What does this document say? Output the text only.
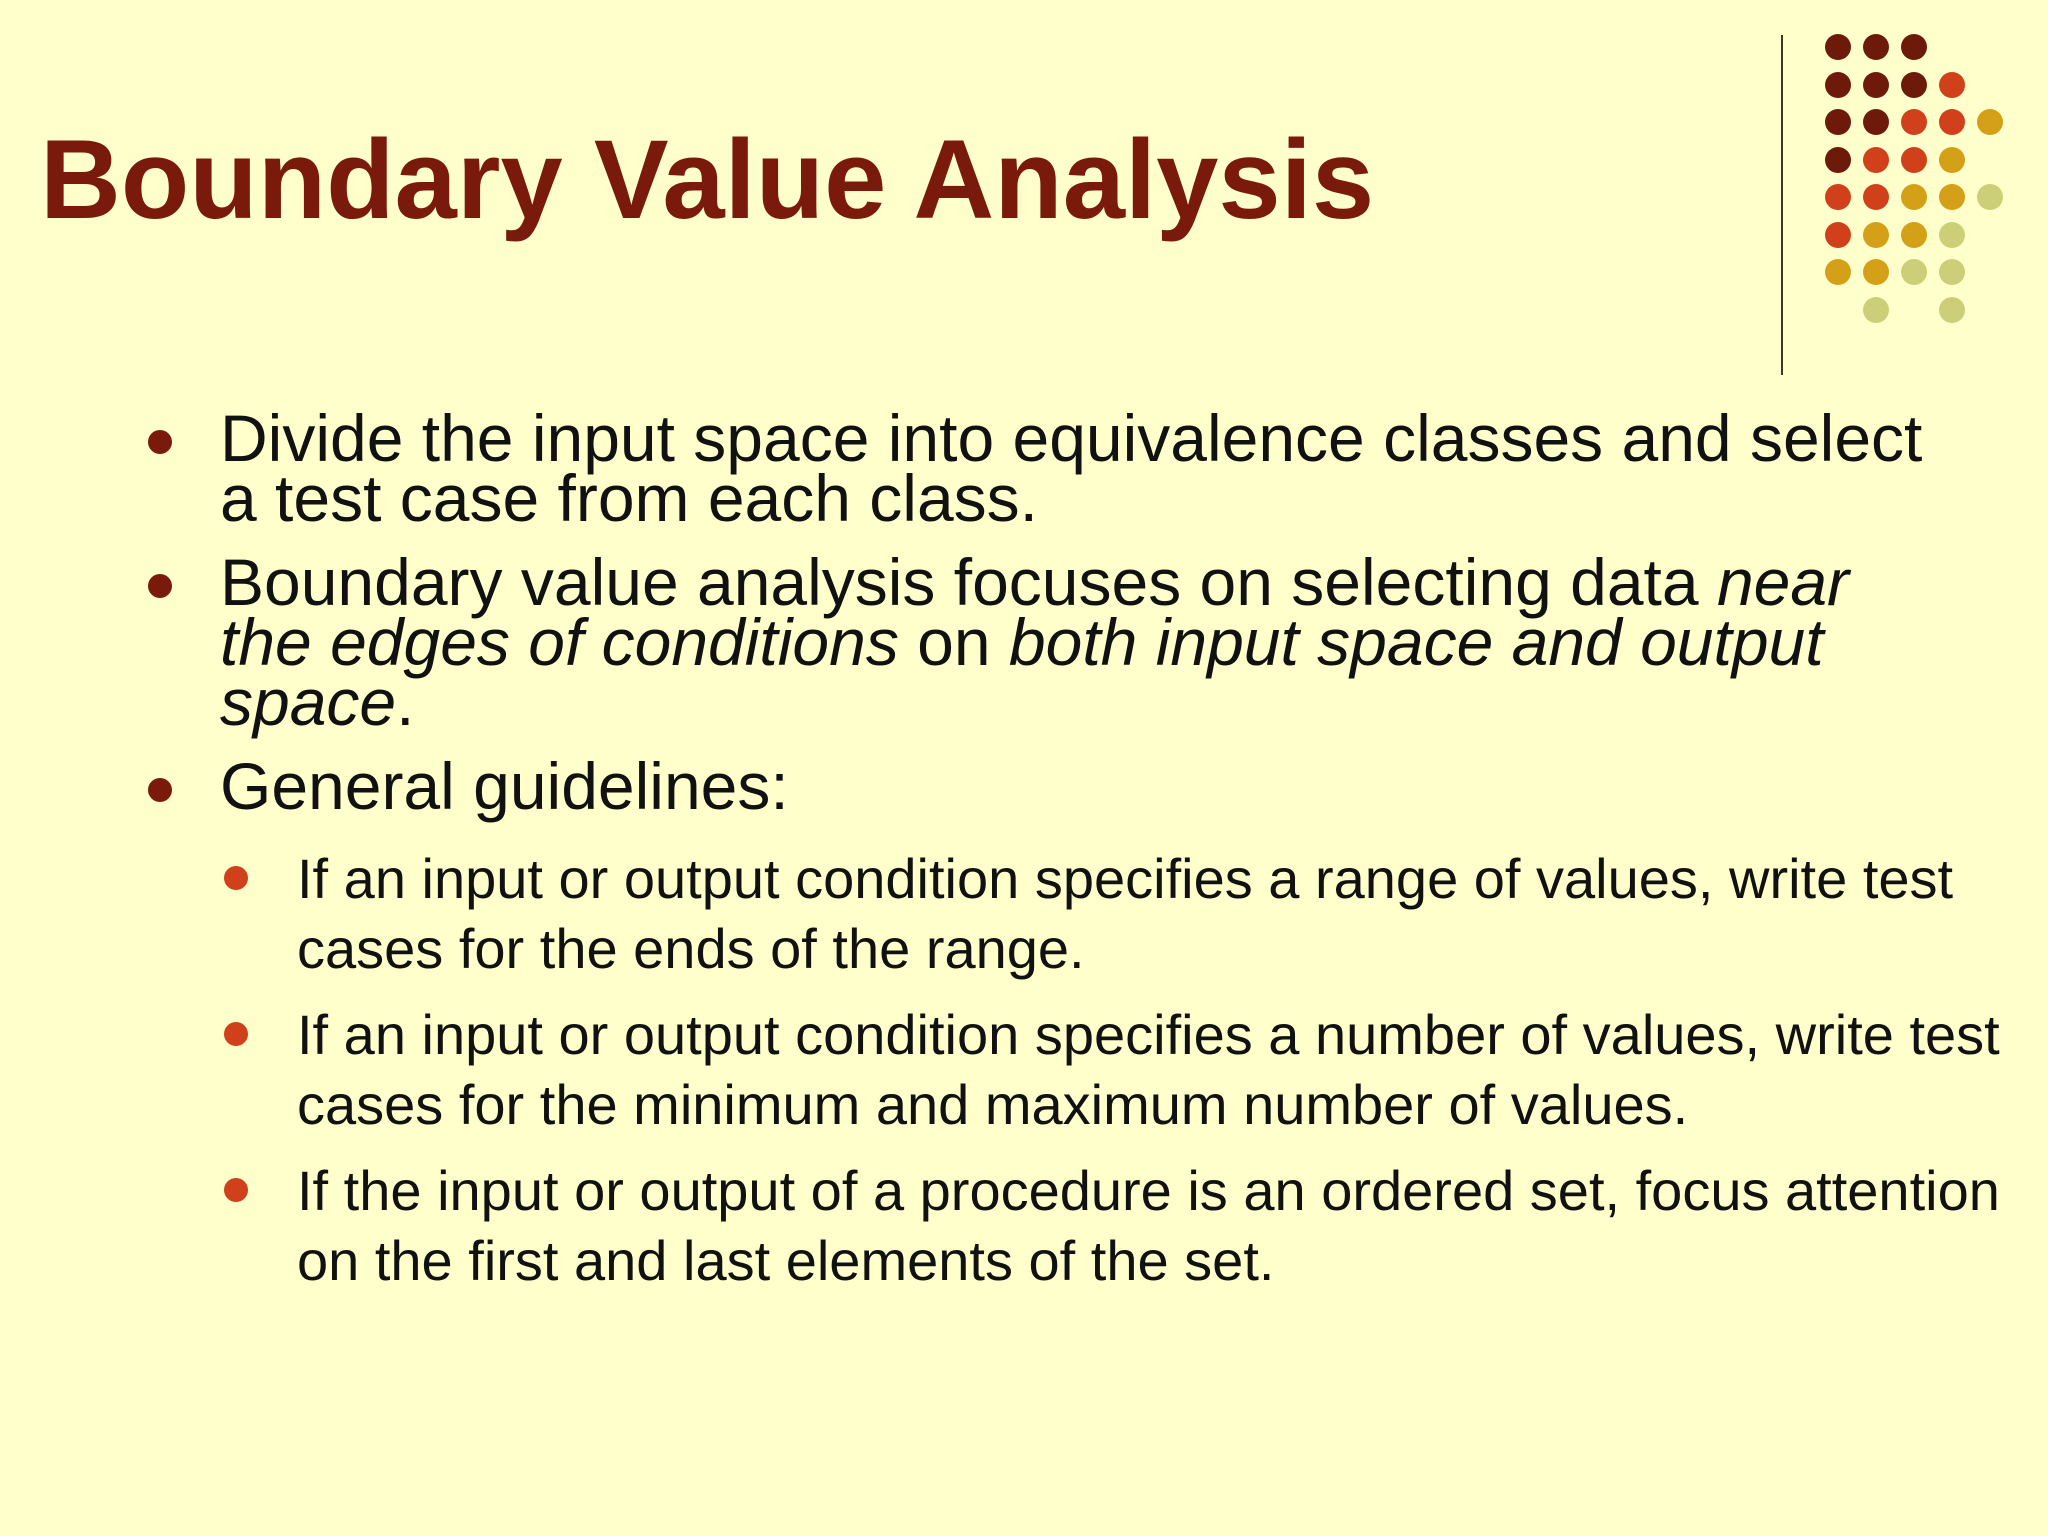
Boundary Value Analysis
Divide the input space into equivalence classes and select a test case from each class.
Boundary value analysis focuses on selecting data near the edges of conditions on both input space and output space.
General guidelines:
If an input or output condition specifies a range of values, write test cases for the ends of the range.
If an input or output condition specifies a number of values, write test cases for the minimum and maximum number of values.
If the input or output of a procedure is an ordered set, focus attention on the first and last elements of the set.
